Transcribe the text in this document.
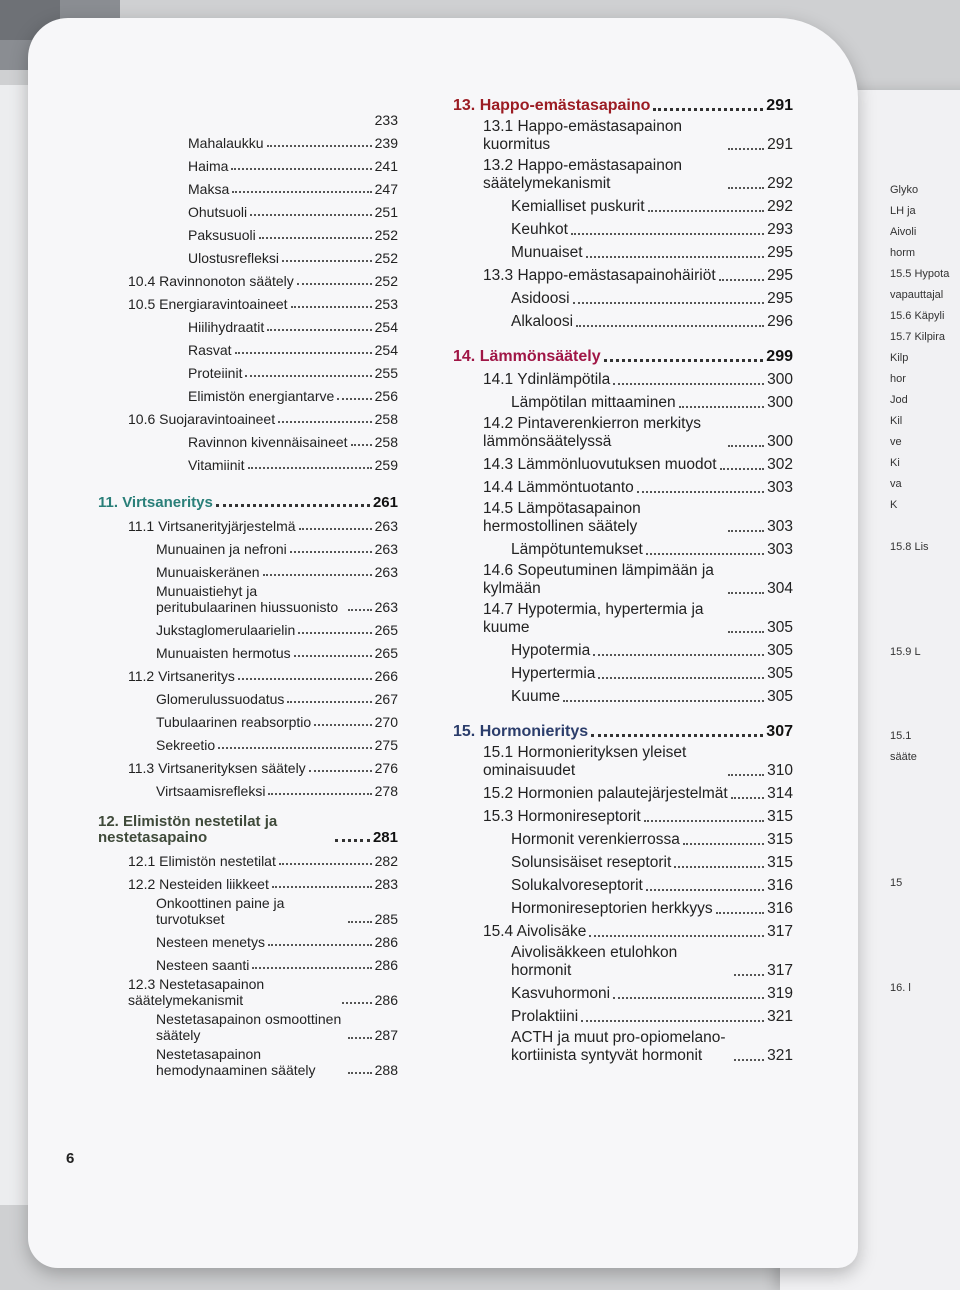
Glyko
LH ja
Aivoli
horm
15.5 Hypota
vapauttajal
15.6 Käpyli
15.7 Kilpira
Kilp
hor
Jod
Kil
ve
Ki
va
K

15.8 Lis

15.9 L

15.1
sääte

15

16. l
233
Mahalaukku	239
Haima	241
Maksa	247
Ohutsuoli	251
Paksusuoli	252
Ulostusrefleksi	252
10.4 Ravinnonoton säätely	252
10.5 Energiaravintoaineet	253
Hiilihydraatit	254
Rasvat	254
Proteiinit	255
Elimistön energiantarve	256
10.6 Suojaravintoaineet	258
Ravinnon kivennäisaineet 258
Vitamiinit	259
11. Virtsaneritys	261
11.1 Virtsanerityjärjestelmä	263
Munuainen ja nefroni	263
Munuaiskeränen	263
Munuaistiehyt ja peritubulaarinen hiussuonisto	263
Jukstaglomerulaarielin	265
Munuaisten hermotus	265
11.2 Virtsaneritys	266
Glomerulussuodatus	267
Tubulaarinen reabsorptio	270
Sekreetio	275
11.3 Virtsanerityksen säätely	276
Virtsaamisrefleksi	278
12. Elimistön nestetilat ja nestetasapaino	281
12.1 Elimistön nestetilat	282
12.2 Nesteiden liikkeet	283
Onkoottinen paine ja turvotukset	285
Nesteen menetys	286
Nesteen saanti	286
12.3 Nestetasapainon säätelymekanismit	286
Nestetasapainon osmoottinen säätely	287
Nestetasapainon hemodynaaminen säätely	288
13. Happo-emästasapaino	291
13.1 Happo-emästasapainon kuormitus	291
13.2 Happo-emästasapainon säätelymekanismit	292
Kemialliset puskurit	292
Keuhkot	293
Munuaiset	295
13.3 Happo-emästasapainohäiriöt	295
Asidoosi	295
Alkaloosi	296
14. Lämmönsäätely	299
14.1 Ydinlämpötila	300
Lämpötilan mittaaminen	300
14.2 Pintaverenkierron merkitys lämmönsäätelyssä	300
14.3 Lämmönluovutuksen muodot	302
14.4 Lämmöntuotanto	303
14.5 Lämpötasapainon hermostollinen säätely	303
Lämpötuntemukset	303
14.6 Sopeutuminen lämpimään ja kylmään	304
14.7 Hypotermia, hypertermia ja kuume	305
Hypotermia	305
Hypertermia	305
Kuume	305
15. Hormonieritys	307
15.1 Hormonierityksen yleiset ominaisuudet	310
15.2 Hormonien palautejärjestelmät	314
15.3 Hormonireseptorit	315
Hormonit verenkierrossa	315
Solunsisäiset reseptorit	315
Solukalvoreseptorit	316
Hormonireseptorien herkkyys	316
15.4 Aivolisäke	317
Aivolisäkkeen etulohkon hormonit	317
Kasvuhormoni	319
Prolaktiini	321
ACTH ja muut pro-opiomelano-kortiinista syntyvät hormonit	321
6
